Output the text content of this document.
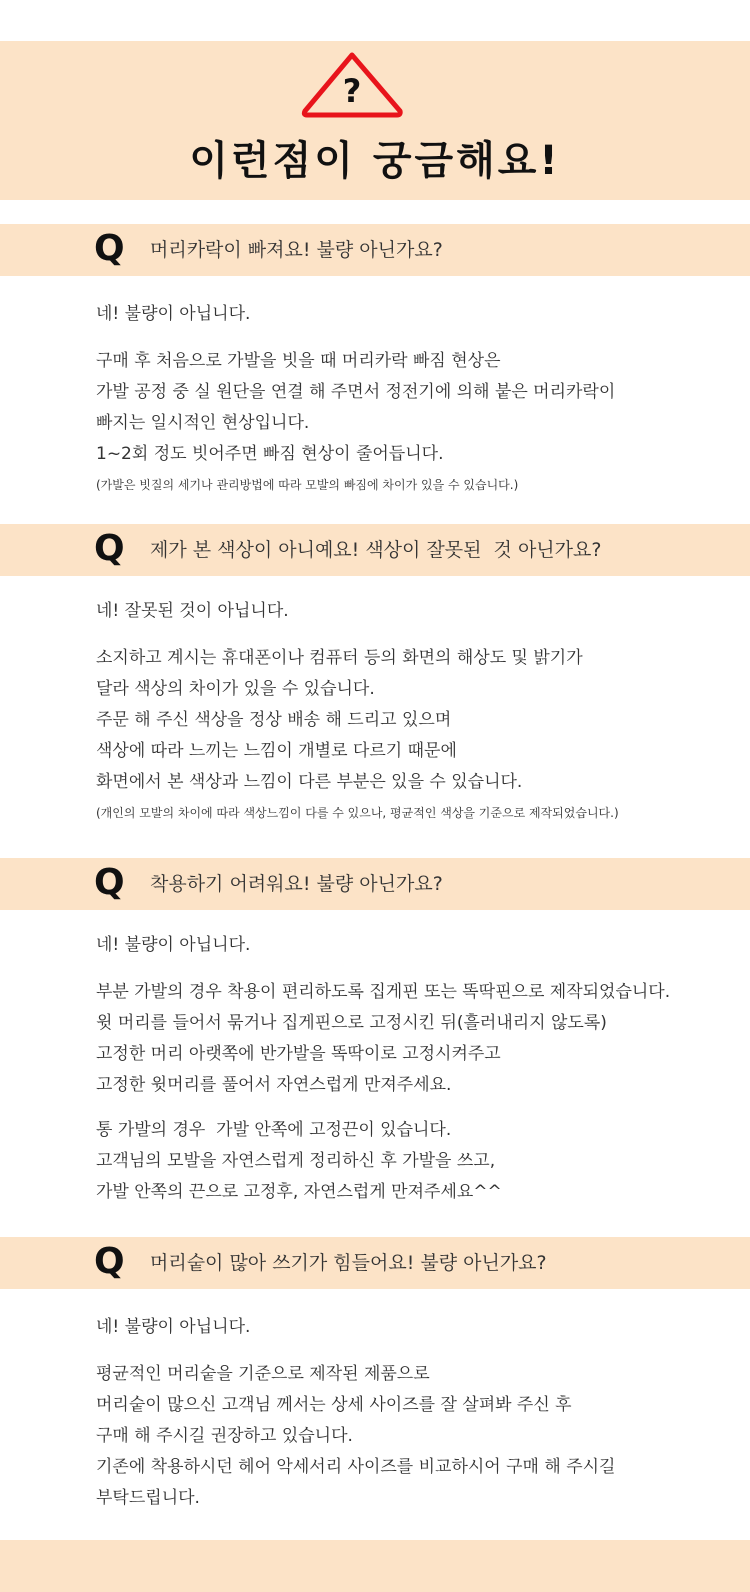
?
이런점이 궁금해요!
Q 머리카락이 빠져요! 불량 아닌가요?
네! 불량이 아닙니다.
구매 후 처음으로 가발을 빗을 때 머리카락 빠짐 현상은
가발 공정 중 실 원단을 연결 해 주면서 정전기에 의해 붙은 머리카락이
빠지는 일시적인 현상입니다.
1~2회 정도 빗어주면 빠짐 현상이 줄어듭니다.
(가발은 빗질의 세기나 관리방법에 따라 모발의 빠짐에 차이가 있을 수 있습니다.)
Q 제가 본 색상이 아니예요! 색상이 잘못된  것 아닌가요?
네! 잘못된 것이 아닙니다.
소지하고 계시는 휴대폰이나 컴퓨터 등의 화면의 해상도 및 밝기가
달라 색상의 차이가 있을 수 있습니다.
주문 해 주신 색상을 정상 배송 해 드리고 있으며
색상에 따라 느끼는 느낌이 개별로 다르기 때문에
화면에서 본 색상과 느낌이 다른 부분은 있을 수 있습니다.
(개인의 모발의 차이에 따라 색상느낌이 다를 수 있으나, 평균적인 색상을 기준으로 제작되었습니다.)
Q 착용하기 어려워요! 불량 아닌가요?
네! 불량이 아닙니다.
부분 가발의 경우 착용이 편리하도록 집게핀 또는 똑딱핀으로 제작되었습니다.
윗 머리를 들어서 묶거나 집게핀으로 고정시킨 뒤(흘러내리지 않도록)
고정한 머리 아랫쪽에 반가발을 똑딱이로 고정시켜주고
고정한 윗머리를 풀어서 자연스럽게 만져주세요.
통 가발의 경우  가발 안쪽에 고정끈이 있습니다.
고객님의 모발을 자연스럽게 정리하신 후 가발을 쓰고,
가발 안쪽의 끈으로 고정후, 자연스럽게 만져주세요^^
Q 머리숱이 많아 쓰기가 힘들어요! 불량 아닌가요?
네! 불량이 아닙니다.
평균적인 머리숱을 기준으로 제작된 제품으로
머리숱이 많으신 고객님 께서는 상세 사이즈를 잘 살펴봐 주신 후
구매 해 주시길 권장하고 있습니다.
기존에 착용하시던 헤어 악세서리 사이즈를 비교하시어 구매 해 주시길
부탁드립니다.
